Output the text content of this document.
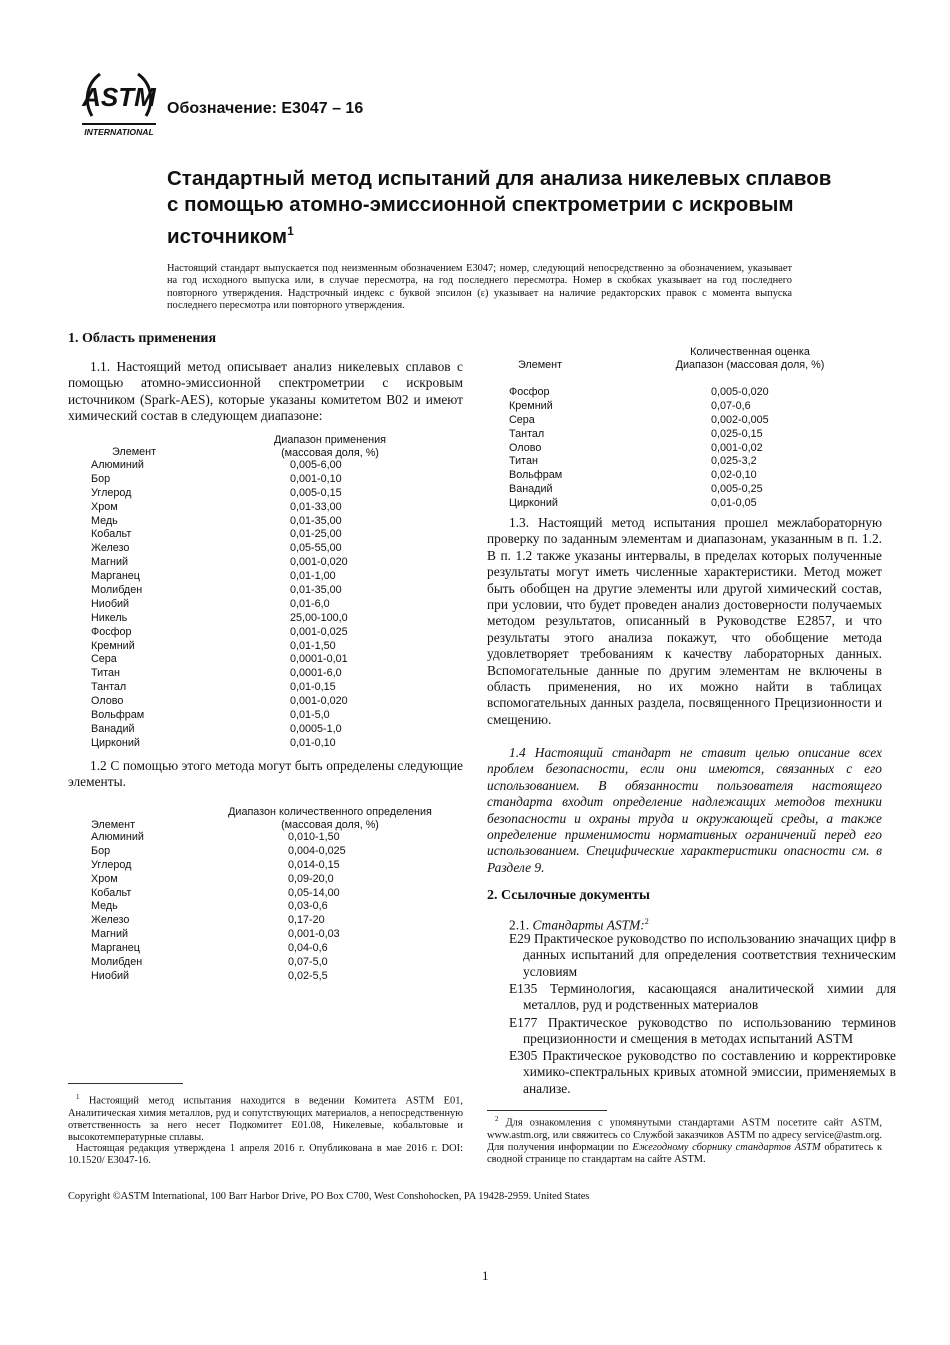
ASTM
INTERNATIONAL
Обозначение: E3047 – 16
Стандартный метод испытаний для анализа никелевых сплавов с помощью атомно-эмиссионной спектрометрии с искровым источником$^1$
Настоящий стандарт выпускается под неизменным обозначением E3047; номер, следующий непосредственно за обозначением, указывает на год исходного выпуска или, в случае пересмотра, на год последнего пересмотра. Номер в скобках указывает на год последнего повторного утверждения. Надстрочный индекс с буквой эпсилон (ε) указывает на наличие редакторских правок с момента выпуска последнего пересмотра или повторного утверждения.
1. Область применения
1.1. Настоящий метод описывает анализ никелевых сплавов с помощью атомно-эмиссионной спектрометрии с искровым источником (Spark-AES), которые указаны комитетом B02 и имеют химический состав в следующем диапазоне:
Элемент
Диапазон применения
(массовая доля, %)
Алюминий	0,005-6,00
Бор	0,001-0,10
Углерод	0,005-0,15
Хром	0,01-33,00
Медь	0,01-35,00
Кобальт	0,01-25,00
Железо	0,05-55,00
Магний	0,001-0,020
Марганец	0,01-1,00
Молибден	0,01-35,00
Ниобий	0,01-6,0
Никель	25,00-100,0
Фосфор	0,001-0,025
Кремний	0,01-1,50
Сера	0,0001-0,01
Титан	0,0001-6,0
Тантал	0,01-0,15
Олово	0,001-0,020
Вольфрам	0,01-5,0
Ванадий	0,0005-1,0
Цирконий	0,01-0,10
1.2 С помощью этого метода могут быть определены следующие элементы.
Диапазон количественного определения
(массовая доля, %)
Элемент
Алюминий	0,010-1,50
Бор	0,004-0,025
Углерод	0,014-0,15
Хром	0,09-20,0
Кобальт	0,05-14,00
Медь	0,03-0,6
Железо	0,17-20
Магний	0,001-0,03
Марганец	0,04-0,6
Молибден	0,07-5,0
Ниобий	0,02-5,5
$^1$ Настоящий метод испытания находится в ведении Комитета ASTM E01, Аналитическая химия металлов, руд и сопутствующих материалов, а непосредственную ответственность за него несет Подкомитет E01.08, Никелевые, кобальтовые и высокотемпературные сплавы.
Настоящая редакция утверждена 1 апреля 2016 г. Опубликована в мае 2016 г. DOI: 10.1520/ E3047-16.
Количественная оценка
Диапазон (массовая доля, %)
Элемент
Фосфор	0,005-0,020
Кремний	0,07-0,6
Сера	0,002-0,005
Тантал	0,025-0,15
Олово	0,001-0,02
Титан	0,025-3,2
Вольфрам	0,02-0,10
Ванадий	0,005-0,25
Цирконий	0,01-0,05
1.3. Настоящий метод испытания прошел межлабораторную проверку по заданным элементам и диапазонам, указанным в п. 1.2. В п. 1.2 также указаны интервалы, в пределах которых полученные результаты могут иметь численные характеристики. Метод может быть обобщен на другие элементы или другой химический состав, при условии, что будет проведен анализ достоверности получаемых методом результатов, описанный в Руководстве E2857, и что результаты этого анализа покажут, что обобщение метода удовлетворяет требованиям к качеству лабораторных данных. Вспомогательные данные по другим элементам не включены в область применения, но их можно найти в таблицах вспомогательных данных раздела, посвященного Прецизионности и смещению.
1.4 Настоящий стандарт не ставит целью описание всех проблем безопасности, если они имеются, связанных с его использованием. В обязанности пользователя настоящего стандарта входит определение надлежащих методов техники безопасности и охраны труда и окружающей среды, а также определение применимости нормативных ограничений перед его использованием. Специфические характеристики опасности см. в Разделе 9.
2. Ссылочные документы
2.1. Стандарты ASTM:$^2$
E29 Практическое руководство по использованию значащих цифр в данных испытаний для определения соответствия техническим условиям
E135 Терминология, касающаяся аналитической химии для металлов, руд и родственных материалов
E177 Практическое руководство по использованию терминов прецизионности и смещения в методах испытаний ASTM
E305 Практическое руководство по составлению и корректировке химико-спектральных кривых атомной эмиссии, применяемых в анализе.
$^2$ Для ознакомления с упомянутыми стандартами ASTM посетите сайт ASTM, www.astm.org, или свяжитесь со Службой заказчиков ASTM по адресу service@astm.org. Для получения информации по Ежегодному сборнику стандартов ASTM обратитесь к сводной странице по стандартам на сайте ASTM.
Copyright ©ASTM International, 100 Barr Harbor Drive, PO Box C700, West Conshohocken, PA 19428-2959. United States
1
